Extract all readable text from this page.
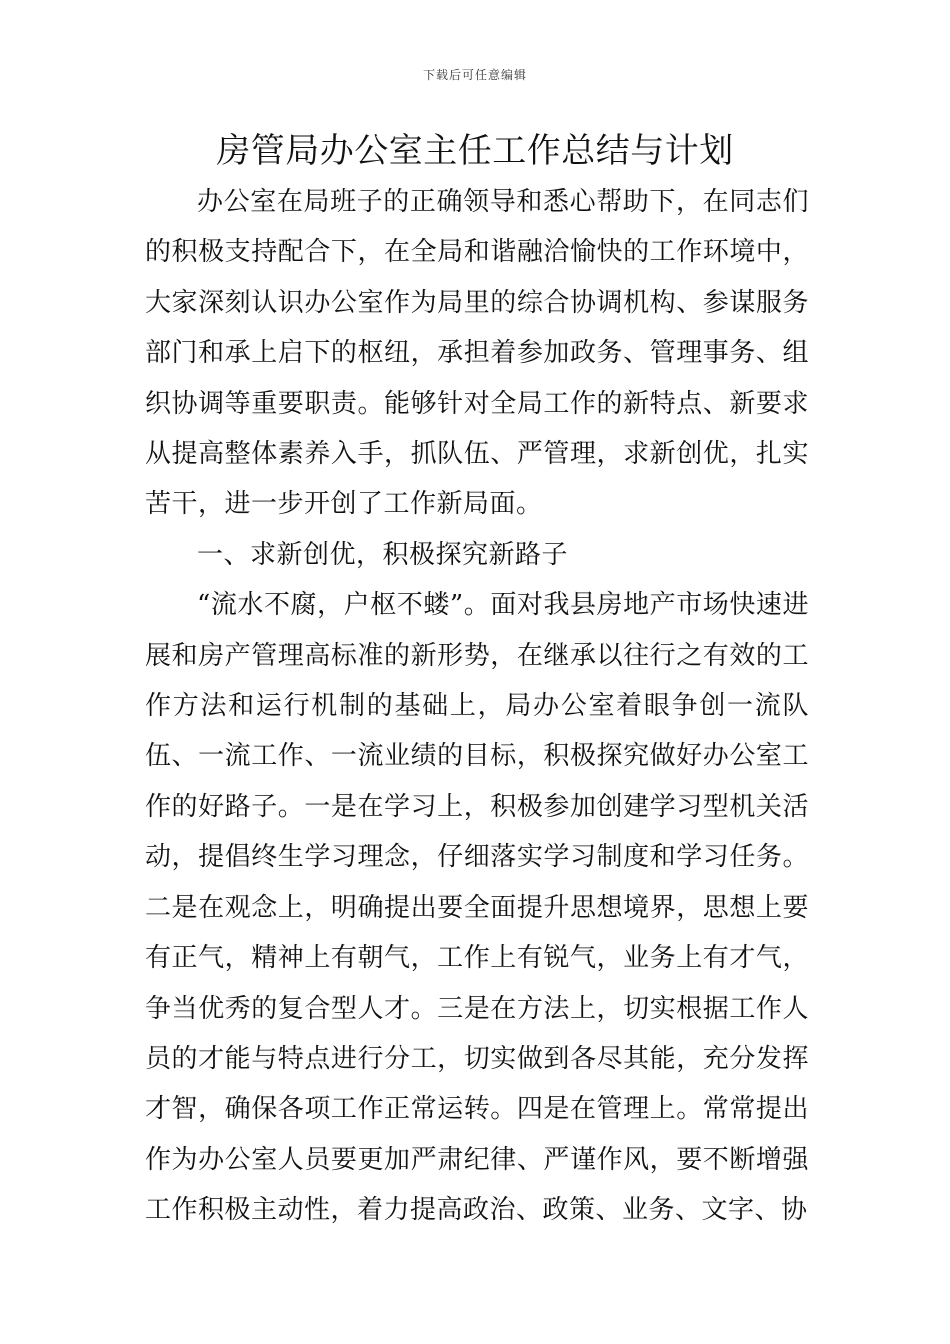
下载后可任意编辑
房管局办公室主任工作总结与计划

办公室在局班子的正确领导和悉心帮助下，在同志们的积极支持配合下，在全局和谐融洽愉快的工作环境中，大家深刻认识办公室作为局里的综合协调机构、参谋服务部门和承上启下的枢纽，承担着参加政务、管理事务、组织协调等重要职责。能够针对全局工作的新特点、新要求从提高整体素养入手，抓队伍、严管理，求新创优，扎实苦干，进一步开创了工作新局面。

一、求新创优，积极探究新路子

“流水不腐，户枢不蝼”。面对我县房地产市场快速进展和房产管理高标准的新形势，在继承以往行之有效的工作方法和运行机制的基础上，局办公室着眼争创一流队伍、一流工作、一流业绩的目标，积极探究做好办公室工作的好路子。一是在学习上，积极参加创建学习型机关活动，提倡终生学习理念，仔细落实学习制度和学习任务。二是在观念上，明确提出要全面提升思想境界，思想上要有正气，精神上有朝气，工作上有锐气，业务上有才气，争当优秀的复合型人才。三是在方法上，切实根据工作人员的才能与特点进行分工，切实做到各尽其能，充分发挥才智，确保各项工作正常运转。四是在管理上。常常提出作为办公室人员要更加严肃纪律、严谨作风，要不断增强工作积极主动性，着力提高政治、政策、业务、文字、协
